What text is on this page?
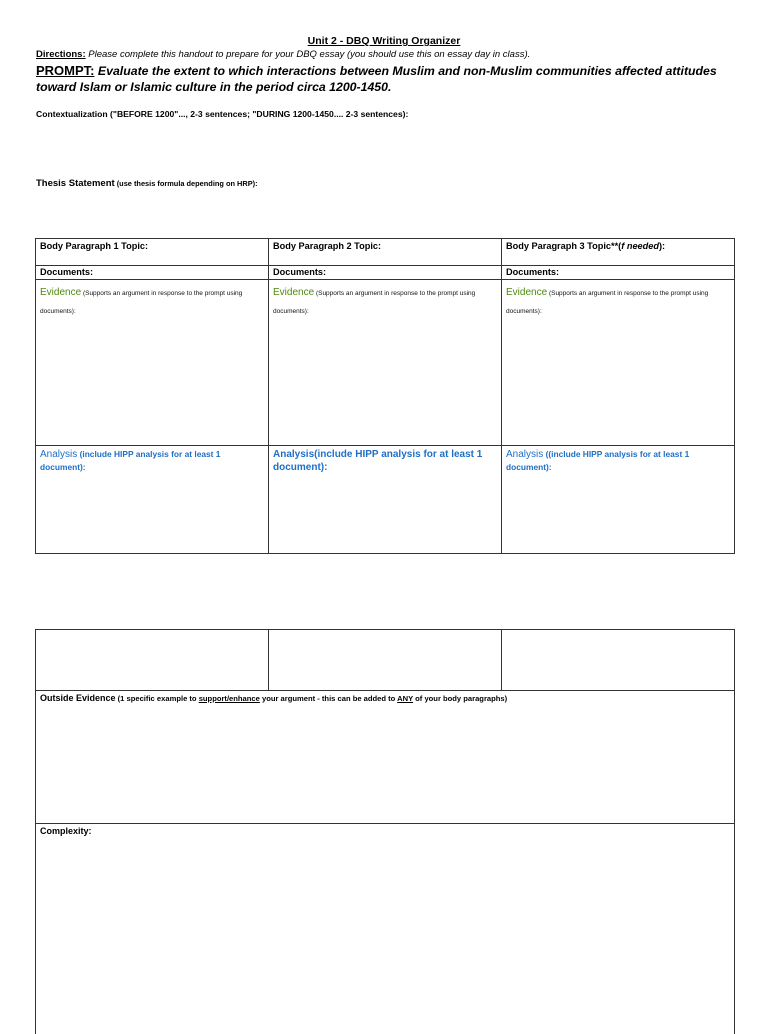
Unit 2 - DBQ Writing Organizer
Directions: Please complete this handout to prepare for your DBQ essay (you should use this on essay day in class).
PROMPT: Evaluate the extent to which interactions between Muslim and non-Muslim communities affected attitudes toward Islam or Islamic culture in the period circa 1200-1450.
Contextualization ("BEFORE 1200"..., 2-3 sentences; "DURING 1200-1450.... 2-3 sentences):
Thesis Statement (use thesis formula depending on HRP):
Body Paragraph 1 Topic:	Body Paragraph 2 Topic:	Body Paragraph 3 Topic**(f needed):
Documents:	Documents:	Documents:
Evidence (Supports an argument in response to the prompt using documents):	Evidence (Supports an argument in response to the prompt using documents):	Evidence (Supports an argument in response to the prompt using documents):
Analysis (include HIPP analysis for at least 1 document):	Analysis(include HIPP analysis for at least 1 document):	Analysis ((include HIPP analysis for at least 1 document):

Outside Evidence (1 specific example to support/enhance your argument - this can be added to ANY of your body paragraphs)
Complexity:
